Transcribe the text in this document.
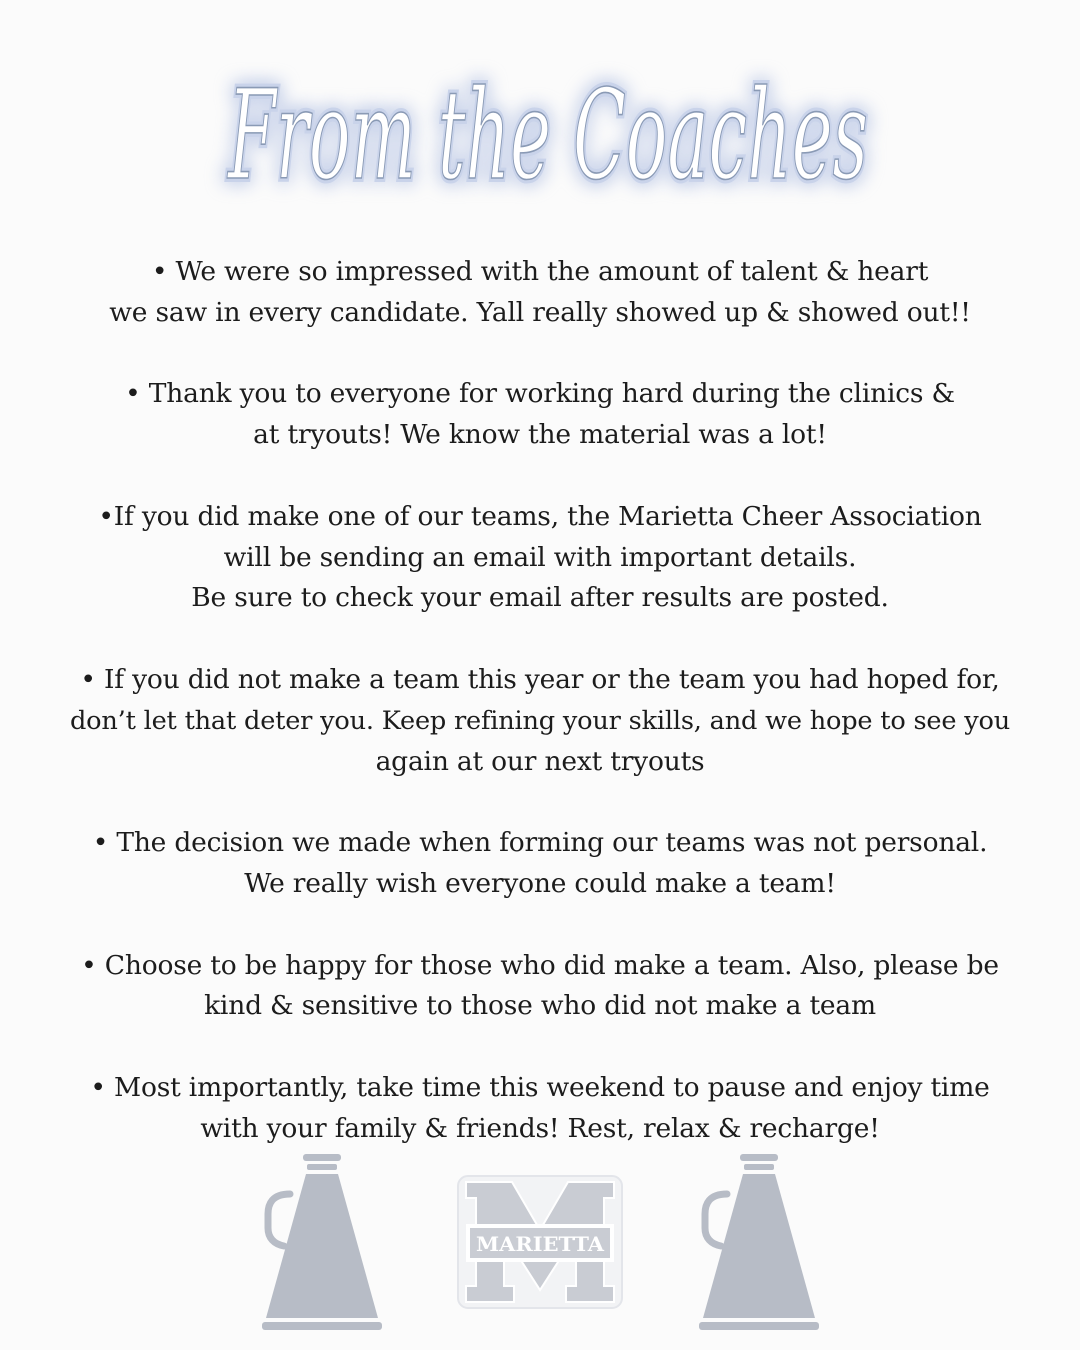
From the Coaches
From the Coaches
• We were so impressed with the amount of talent & heart
we saw in every candidate. Yall really showed up & showed out!!
• Thank you to everyone for working hard during the clinics &
at tryouts! We know the material was a lot!
•If you did make one of our teams, the Marietta Cheer Association
will be sending an email with important details.
Be sure to check your email after results are posted.
• If you did not make a team this year or the team you had hoped for,
don’t let that deter you. Keep refining your skills, and we hope to see you
again at our next tryouts
• The decision we made when forming our teams was not personal.
We really wish everyone could make a team!
• Choose to be happy for those who did make a team. Also, please be
kind & sensitive to those who did not make a team
• Most importantly, take time this weekend to pause and enjoy time
with your family & friends! Rest, relax & recharge!
MARIETTA
